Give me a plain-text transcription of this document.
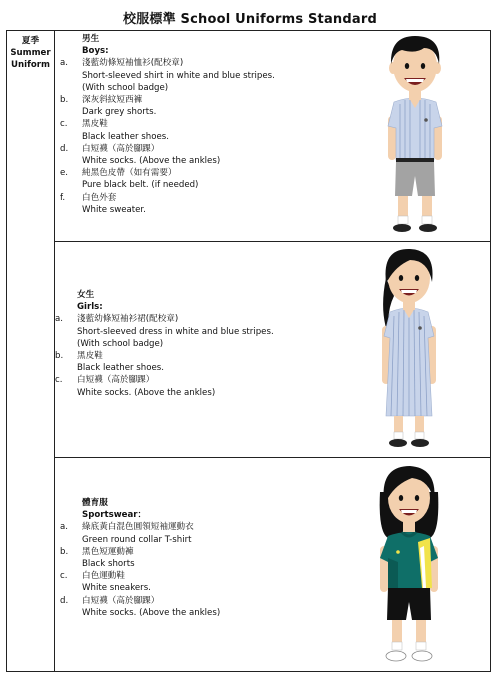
校服標準 School Uniforms Standard
夏季
Summer
Uniform
男生
Boys:
a.	淺藍幼條短袖恤衫(配校章)
Short-sleeved shirt in white and blue stripes.
(With school badge)
b.	深灰斜紋短西褲
Dark grey shorts.
c.	黑皮鞋
Black leather shoes.
d.	白短襪（高於腳踝）
White socks. (Above the ankles)
e.	純黑色皮帶（如有需要）
Pure black belt. (if needed)
f.	白色外套
White sweater.
女生
Girls:
a.	淺藍幼條短袖衫裙(配校章)
Short-sleeved dress in white and blue stripes.
(With school badge)
b.	黑皮鞋
Black leather shoes.
c.	白短襪（高於腳踝）
White socks. (Above the ankles)
體育服
Sportswear：
a.	綠底黃白混色圓領短袖運動衣
Green round collar T-shirt
b.	黑色短運動褲
Black shorts
c.	白色運動鞋
White sneakers.
d.	白短襪（高於腳踝）
White socks. (Above the ankles)
